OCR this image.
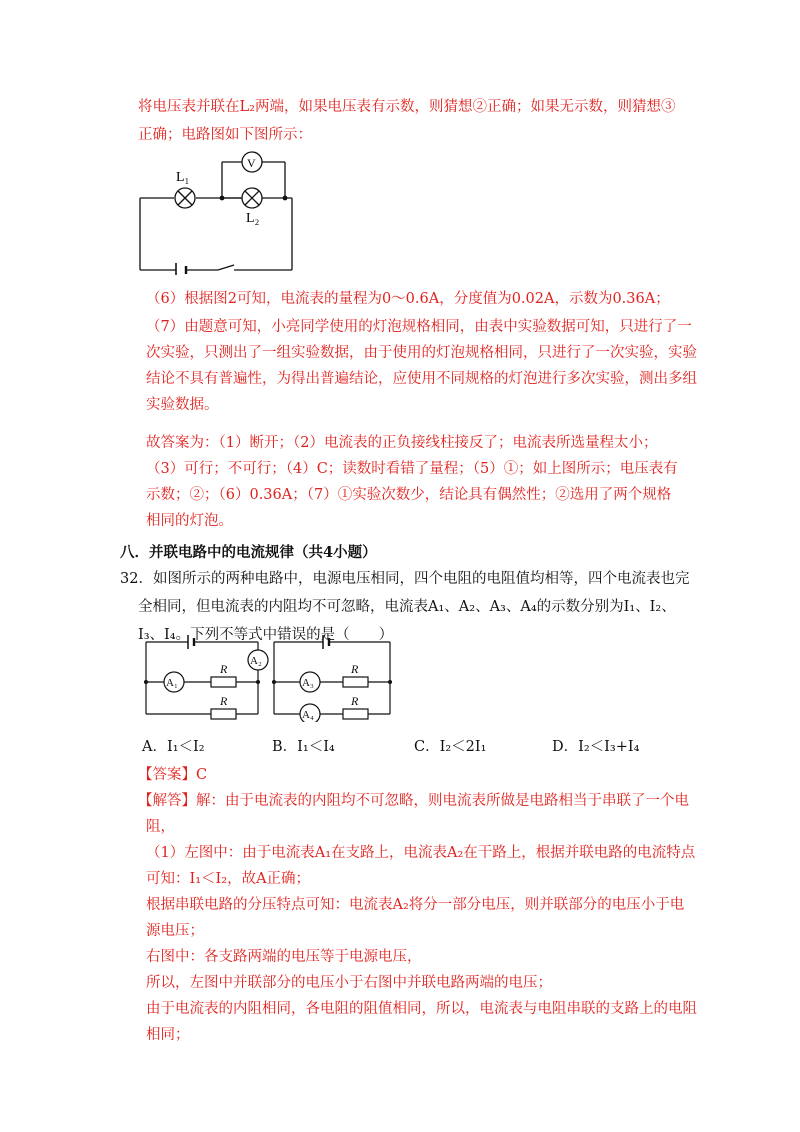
将电压表并联在L₂两端，如果电压表有示数，则猜想②正确；如果无示数，则猜想③
正确；电路图如下图所示：
V
L₁
L₂
（6）根据图2可知，电流表的量程为0～0.6A，分度值为0.02A，示数为0.36A；
（7）由题意可知，小亮同学使用的灯泡规格相同，由表中实验数据可知，只进行了一
次实验，只测出了一组实验数据，由于使用的灯泡规格相同，只进行了一次实验，实验
结论不具有普遍性，为得出普遍结论，应使用不同规格的灯泡进行多次实验，测出多组
实验数据。
故答案为：（1）断开；（2）电流表的正负接线柱接反了；电流表所选量程太小；
（3）可行；不可行；（4）C；读数时看错了量程；（5）①；如上图所示；电压表有
示数；②；（6）0.36A；（7）①实验次数少，结论具有偶然性；②选用了两个规格
相同的灯泡。
八．并联电路中的电流规律（共4小题）
32．如图所示的两种电路中，电源电压相同，四个电阻的电阻值均相等，四个电流表也完
全相同，但电流表的内阻均不可忽略，电流表A₁、A₂、A₃、A₄的示数分别为I₁、I₂、
I₃、I₄。下列不等式中错误的是（　　）
A₁
A₂
A₃
A₄
R
R
R
R
A．I₁＜I₂	B．I₁＜I₄	C．I₂＜2I₁	D．I₂＜I₃+I₄
【答案】C
【解答】解：由于电流表的内阻均不可忽略，则电流表所做是电路相当于串联了一个电
阻，
（1）左图中：由于电流表A₁在支路上，电流表A₂在干路上，根据并联电路的电流特点
可知：I₁＜I₂，故A正确；
根据串联电路的分压特点可知：电流表A₂将分一部分电压，则并联部分的电压小于电
源电压；
右图中：各支路两端的电压等于电源电压，
所以，左图中并联部分的电压小于右图中并联电路两端的电压；
由于电流表的内阻相同，各电阻的阻值相同，所以，电流表与电阻串联的支路上的电阻
相同；
